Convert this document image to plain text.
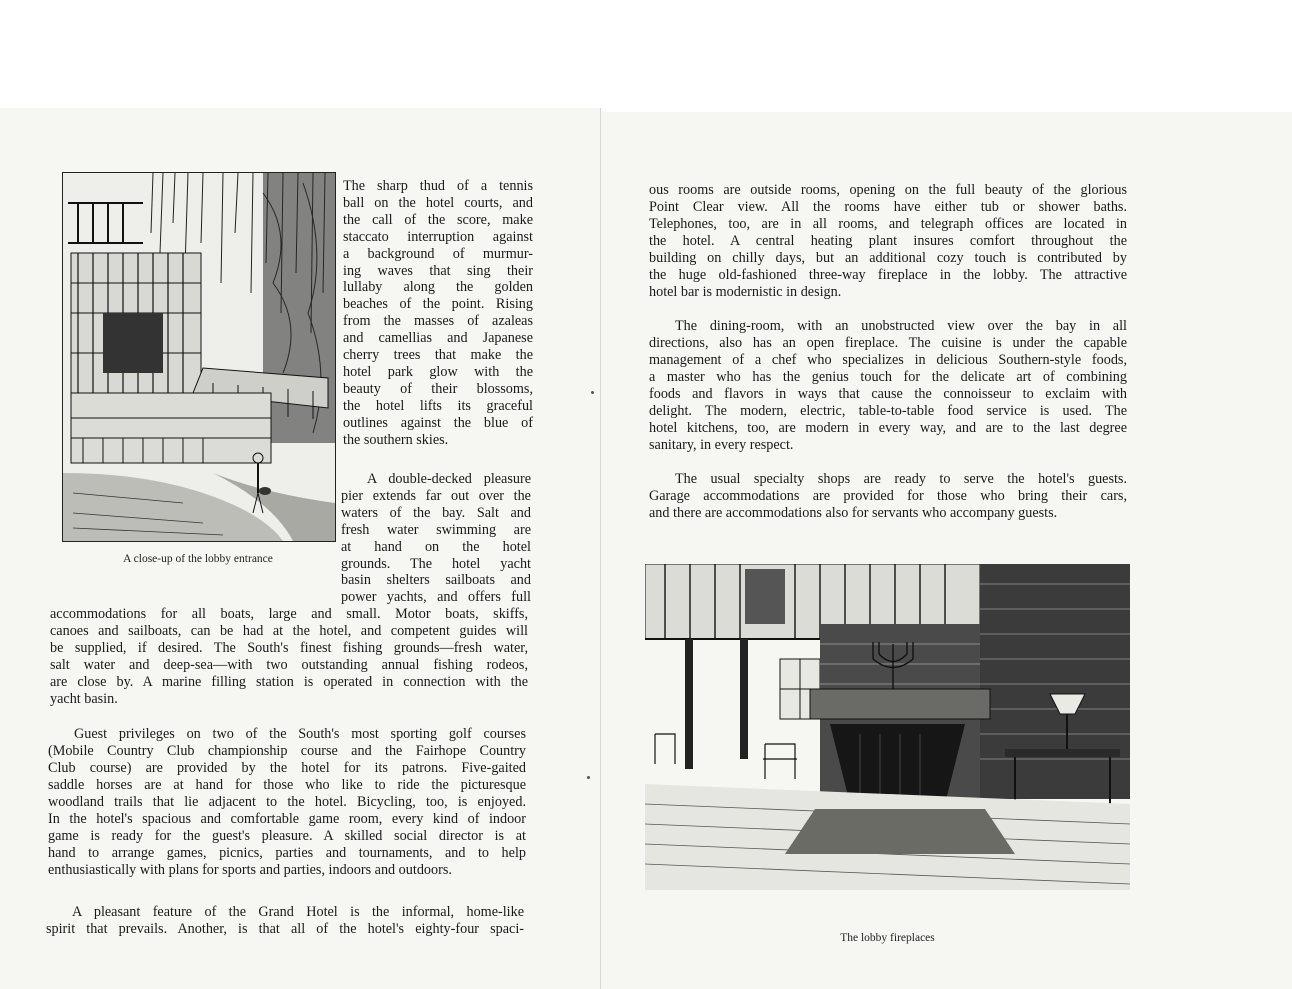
A close-up of the lobby entrance
The sharp thud of a tennis
ball on the hotel courts, and
the call of the score, make
staccato interruption against
a background of murmur-
ing waves that sing their
lullaby along the golden
beaches of the point. Rising
from the masses of azaleas
and camellias and Japanese
cherry trees that make the
hotel park glow with the
beauty of their blossoms,
the hotel lifts its graceful
outlines against the blue of
the southern skies.
A double-decked pleasure
pier extends far out over the
waters of the bay. Salt and
fresh water swimming are
at hand on the hotel
grounds. The hotel yacht
basin shelters sailboats and
power yachts, and offers full
accommodations for all boats, large and small. Motor boats, skiffs,
canoes and sailboats, can be had at the hotel, and competent guides will
be supplied, if desired. The South's finest fishing grounds—fresh water,
salt water and deep-sea—with two outstanding annual fishing rodeos,
are close by. A marine filling station is operated in connection with the
yacht basin.
Guest privileges on two of the South's most sporting golf courses
(Mobile Country Club championship course and the Fairhope Country
Club course) are provided by the hotel for its patrons. Five-gaited
saddle horses are at hand for those who like to ride the picturesque
woodland trails that lie adjacent to the hotel. Bicycling, too, is enjoyed.
In the hotel's spacious and comfortable game room, every kind of indoor
game is ready for the guest's pleasure. A skilled social director is at
hand to arrange games, picnics, parties and tournaments, and to help
enthusiastically with plans for sports and parties, indoors and outdoors.
A pleasant feature of the Grand Hotel is the informal, home-like
spirit that prevails. Another, is that all of the hotel's eighty-four spaci-
ous rooms are outside rooms, opening on the full beauty of the glorious
Point Clear view. All the rooms have either tub or shower baths.
Telephones, too, are in all rooms, and telegraph offices are located in
the hotel. A central heating plant insures comfort throughout the
building on chilly days, but an additional cozy touch is contributed by
the huge old-fashioned three-way fireplace in the lobby. The attractive
hotel bar is modernistic in design.
The dining-room, with an unobstructed view over the bay in all
directions, also has an open fireplace. The cuisine is under the capable
management of a chef who specializes in delicious Southern-style foods,
a master who has the genius touch for the delicate art of combining
foods and flavors in ways that cause the connoisseur to exclaim with
delight. The modern, electric, table-to-table food service is used. The
hotel kitchens, too, are modern in every way, and are to the last degree
sanitary, in every respect.
The usual specialty shops are ready to serve the hotel's guests.
Garage accommodations are provided for those who bring their cars,
and there are accommodations also for servants who accompany guests.
The lobby fireplaces
